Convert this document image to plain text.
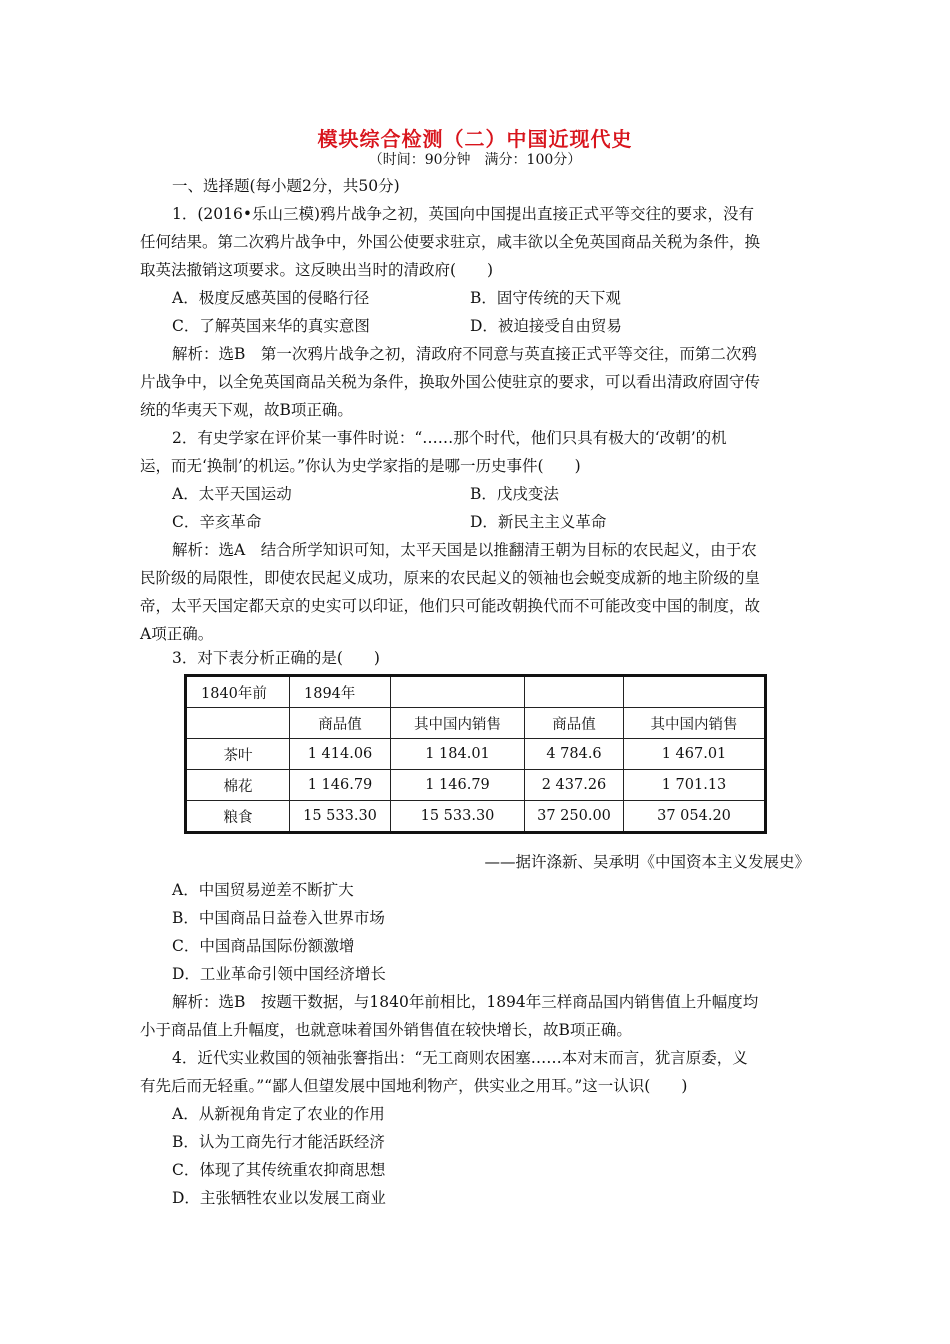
模块综合检测（二）中国近现代史
（时间：90分钟　满分：100分）
一、选择题(每小题2分，共50分)
1．(2016•乐山三模)鸦片战争之初，英国向中国提出直接正式平等交往的要求，没有
任何结果。第二次鸦片战争中，外国公使要求驻京，咸丰欲以全免英国商品关税为条件，换
取英法撤销这项要求。这反映出当时的清政府(　　)
A．极度反感英国的侵略行径	B．固守传统的天下观
C．了解英国来华的真实意图	D．被迫接受自由贸易
解析：选B　第一次鸦片战争之初，清政府不同意与英直接正式平等交往，而第二次鸦
片战争中，以全免英国商品关税为条件，换取外国公使驻京的要求，可以看出清政府固守传
统的华夷天下观，故B项正确。
2．有史学家在评价某一事件时说：“……那个时代，他们只具有极大的‘改朝’的机
运，而无‘换制’的机运。”你认为史学家指的是哪一历史事件(　　)
A．太平天国运动	B．戊戌变法
C．辛亥革命	D．新民主主义革命
解析：选A　结合所学知识可知，太平天国是以推翻清王朝为目标的农民起义，由于农
民阶级的局限性，即使农民起义成功，原来的农民起义的领袖也会蜕变成新的地主阶级的皇
帝，太平天国定都天京的史实可以印证，他们只可能改朝换代而不可能改变中国的制度，故
A项正确。
3．对下表分析正确的是(　　)
1840年前	1894年			
	商品值	其中国内销售	商品值	其中国内销售
茶叶	1 414.06	1 184.01	4 784.6	1 467.01
棉花	1 146.79	1 146.79	2 437.26	1 701.13
粮食	15 533.30	15 533.30	37 250.00	37 054.20
——据许涤新、吴承明《中国资本主义发展史》
A．中国贸易逆差不断扩大
B．中国商品日益卷入世界市场
C．中国商品国际份额激增
D．工业革命引领中国经济增长
解析：选B　按题干数据，与1840年前相比，1894年三样商品国内销售值上升幅度均
小于商品值上升幅度，也就意味着国外销售值在较快增长，故B项正确。
4．近代实业救国的领袖张謇指出：“无工商则农困塞……本对末而言，犹言原委，义
有先后而无轻重。”“鄙人但望发展中国地利物产，供实业之用耳。”这一认识(　　)
A．从新视角肯定了农业的作用
B．认为工商先行才能活跃经济
C．体现了其传统重农抑商思想
D．主张牺牲农业以发展工商业
